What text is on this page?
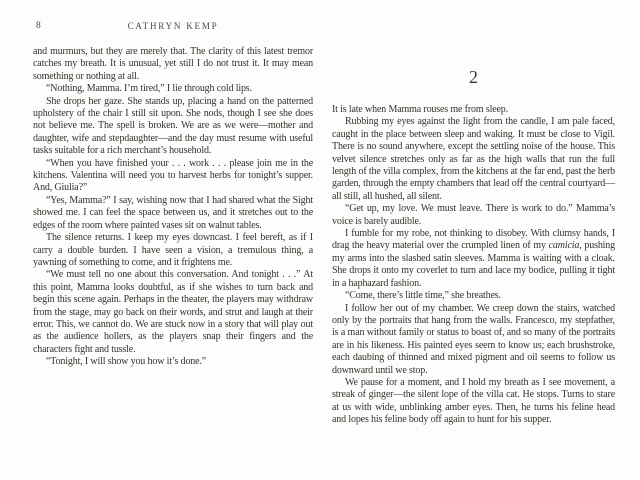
8	CATHRYN KEMP

and murmurs, but they are merely that. The clarity of this latest tremor catches my breath. It is unusual, yet still I do not trust it. It may mean something or nothing at all.

“Nothing, Mamma. I’m tired,” I lie through cold lips.

She drops her gaze. She stands up, placing a hand on the patterned upholstery of the chair I still sit upon. She nods, though I see she does not believe me. The spell is broken. We are as we were—mother and daughter, wife and stepdaughter—and the day must resume with useful tasks suitable for a rich merchant’s household.

“When you have finished your . . . work . . . please join me in the kitchens. Valentina will need you to harvest herbs for tonight’s supper. And, Giulia?”

“Yes, Mamma?” I say, wishing now that I had shared what the Sight showed me. I can feel the space between us, and it stretches out to the edges of the room where painted vases sit on walnut tables.

The silence returns. I keep my eyes downcast. I feel bereft, as if I carry a double burden. I have seen a vision, a tremulous thing, a yawning of something to come, and it frightens me.

“We must tell no one about this conversation. And tonight . . .” At this point, Mamma looks doubtful, as if she wishes to turn back and begin this scene again. Perhaps in the theater, the players may withdraw from the stage, may go back on their words, and strut and laugh at their error. This, we cannot do. We are stuck now in a story that will play out as the audience hollers, as the players snap their fingers and the characters fight and tussle.

“Tonight, I will show you how it’s done.”

2

It is late when Mamma rouses me from sleep.

Rubbing my eyes against the light from the candle, I am pale faced, caught in the place between sleep and waking. It must be close to Vigil. There is no sound anywhere, except the settling noise of the house. This velvet silence stretches only as far as the high walls that run the full length of the villa complex, from the kitchens at the far end, past the herb garden, through the empty chambers that lead off the central courtyard—all still, all hushed, all silent.

“Get up, my love. We must leave. There is work to do.” Mamma’s voice is barely audible.

I fumble for my robe, not thinking to disobey. With clumsy hands, I drag the heavy material over the crumpled linen of my camicia, pushing my arms into the slashed satin sleeves. Mamma is waiting with a cloak. She drops it onto my coverlet to turn and lace my bodice, pulling it tight in a haphazard fashion.

“Come, there’s little time,” she breathes.

I follow her out of my chamber. We creep down the stairs, watched only by the portraits that hang from the walls. Francesco, my stepfather, is a man without family or status to boast of, and so many of the portraits are in his likeness. His painted eyes seem to know us; each brushstroke, each daubing of thinned and mixed pigment and oil seems to follow us downward until we stop.

We pause for a moment, and I hold my breath as I see movement, a streak of ginger—the silent lope of the villa cat. He stops. Turns to stare at us with wide, unblinking amber eyes. Then, he turns his feline head and lopes his feline body off again to hunt for his supper.
